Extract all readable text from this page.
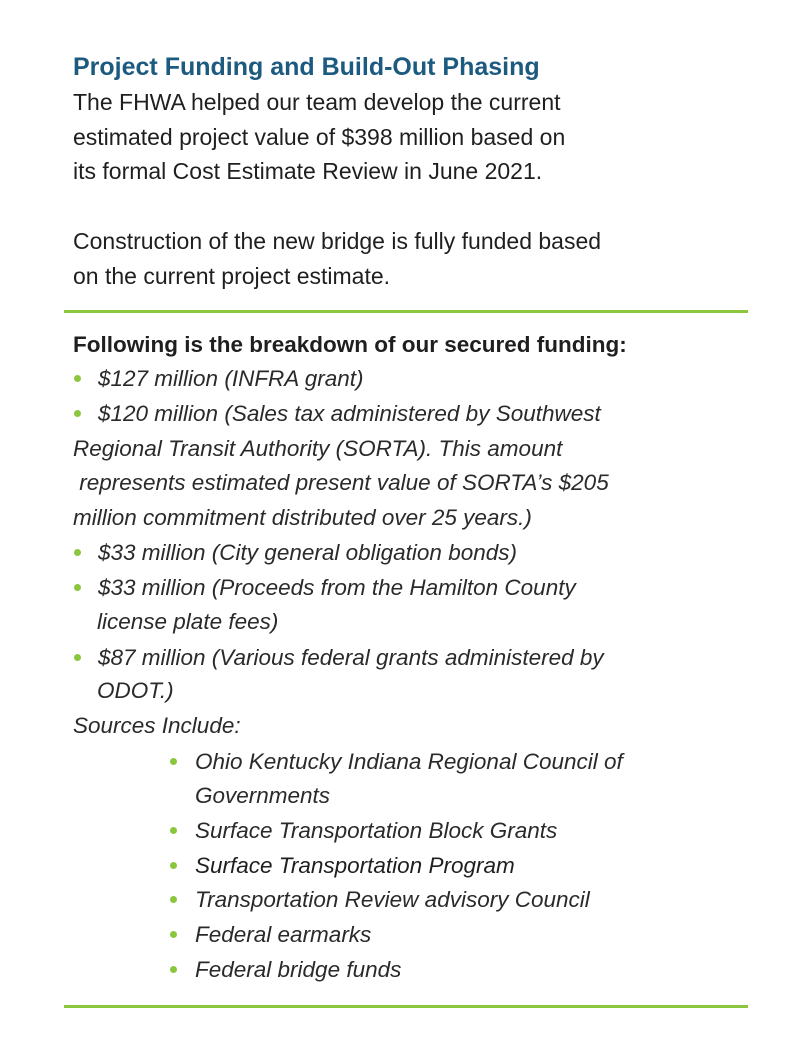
Project Funding and Build-Out Phasing

The FHWA helped our team develop the current
estimated project value of $398 million based on
its formal Cost Estimate Review in June 2021.

Construction of the new bridge is fully funded based
on the current project estimate.

Following is the breakdown of our secured funding:

$127 million (INFRA grant)

$120 million (Sales tax administered by Southwest

Regional Transit Authority (SORTA). This amount

represents estimated present value of SORTA’s $205

million commitment distributed over 25 years.)

$33 million (City general obligation bonds)

$33 million (Proceeds from the Hamilton County

license plate fees)

$87 million (Various federal grants administered by

ODOT.)

Sources Include:

Ohio Kentucky Indiana Regional Council of

Governments

Surface Transportation Block Grants

Surface Transportation Program

Transportation Review advisory Council

Federal earmarks

Federal bridge funds
